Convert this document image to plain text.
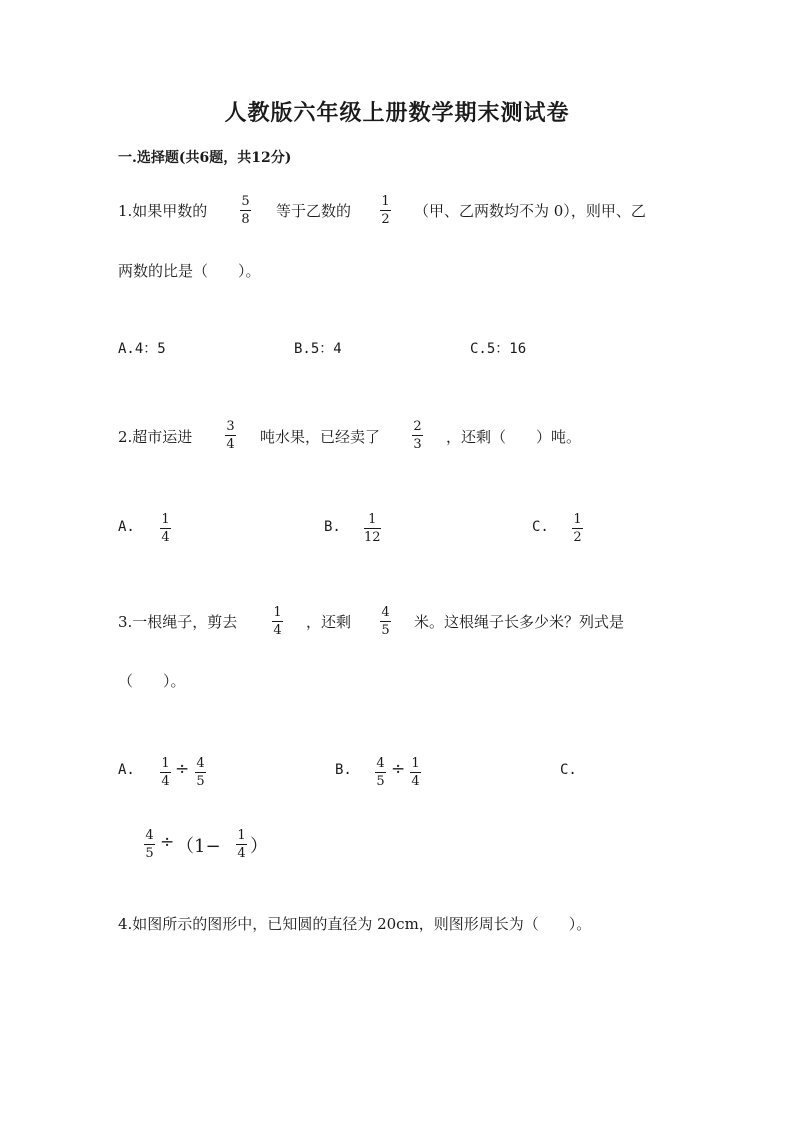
人教版六年级上册数学期末测试卷
一.选择题(共6题，共12分)
1.如果甲数的
5
8 等于乙数的
1
2 （甲、乙两数均不为 0），则甲、乙
两数的比是（　　）。
A.4：5	B.5：4	C.5：16
2.超市运进
3
4 吨水果，已经卖了
2
3 ，还剩（　　）吨。
A. 1
4
B. 1
12
C. 1
2
3.一根绳子，剪去
1
4 ，还剩
4
5 米。这根绳子长多少米？列式是
（　　）。
A. 1
4
÷ 4
5
B. 4
5
÷ 1
4
C.
4
5
÷ （1−
1
4 ）
4.如图所示的图形中，已知圆的直径为 20cm，则图形周长为（　　）。
